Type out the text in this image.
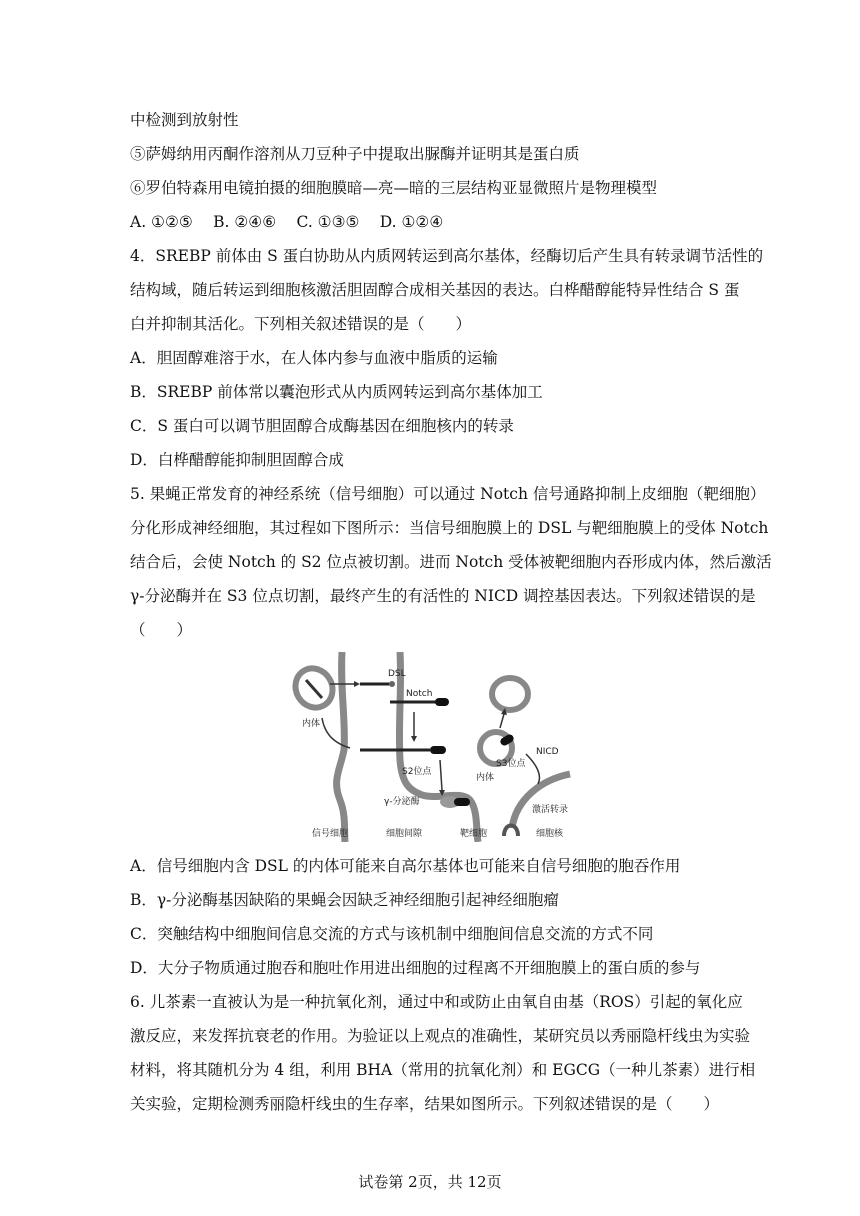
中检测到放射性
⑤萨姆纳用丙酮作溶剂从刀豆种子中提取出脲酶并证明其是蛋白质
⑥罗伯特森用电镜拍摄的细胞膜暗—亮—暗的三层结构亚显微照片是物理模型
A. ①②⑤　 B. ②④⑥　 C. ①③⑤　 D. ①②④
4．SREBP 前体由 S 蛋白协助从内质网转运到高尔基体，经酶切后产生具有转录调节活性的
结构域，随后转运到细胞核激活胆固醇合成相关基因的表达。白桦醋醇能特异性结合 S 蛋
白并抑制其活化。下列相关叙述错误的是（　　）
A．胆固醇难溶于水，在人体内参与血液中脂质的运输
B．SREBP 前体常以囊泡形式从内质网转运到高尔基体加工
C．S 蛋白可以调节胆固醇合成酶基因在细胞核内的转录
D．白桦醋醇能抑制胆固醇合成
5. 果蝇正常发育的神经系统（信号细胞）可以通过 Notch 信号通路抑制上皮细胞（靶细胞）
分化形成神经细胞，其过程如下图所示：当信号细胞膜上的 DSL 与靶细胞膜上的受体 Notch
结合后，会使 Notch 的 S2 位点被切割。进而 Notch 受体被靶细胞内吞形成内体，然后激活
γ-分泌酶并在 S3 位点切割，最终产生的有活性的 NICD 调控基因表达。下列叙述错误的是
（　　）
A．信号细胞内含 DSL 的内体可能来自高尔基体也可能来自信号细胞的胞吞作用
B．γ-分泌酶基因缺陷的果蝇会因缺乏神经细胞引起神经细胞瘤
C．突触结构中细胞间信息交流的方式与该机制中细胞间信息交流的方式不同
D．大分子物质通过胞吞和胞吐作用进出细胞的过程离不开细胞膜上的蛋白质的参与
6. 儿茶素一直被认为是一种抗氧化剂，通过中和或防止由氧自由基（ROS）引起的氧化应
激反应，来发挥抗衰老的作用。为验证以上观点的准确性，某研究员以秀丽隐杆线虫为实验
材料，将其随机分为 4 组，利用 BHA（常用的抗氧化剂）和 EGCG（一种儿茶素）进行相
关实验，定期检测秀丽隐杆线虫的生存率，结果如图所示。下列叙述错误的是（　　）
DSL
Notch
内体
S2位点
γ-分泌酶
内体
S3位点
NICD
激活转录
信号细胞	细胞间隙	靶细胞	细胞核
试卷第 2页，共 12页
